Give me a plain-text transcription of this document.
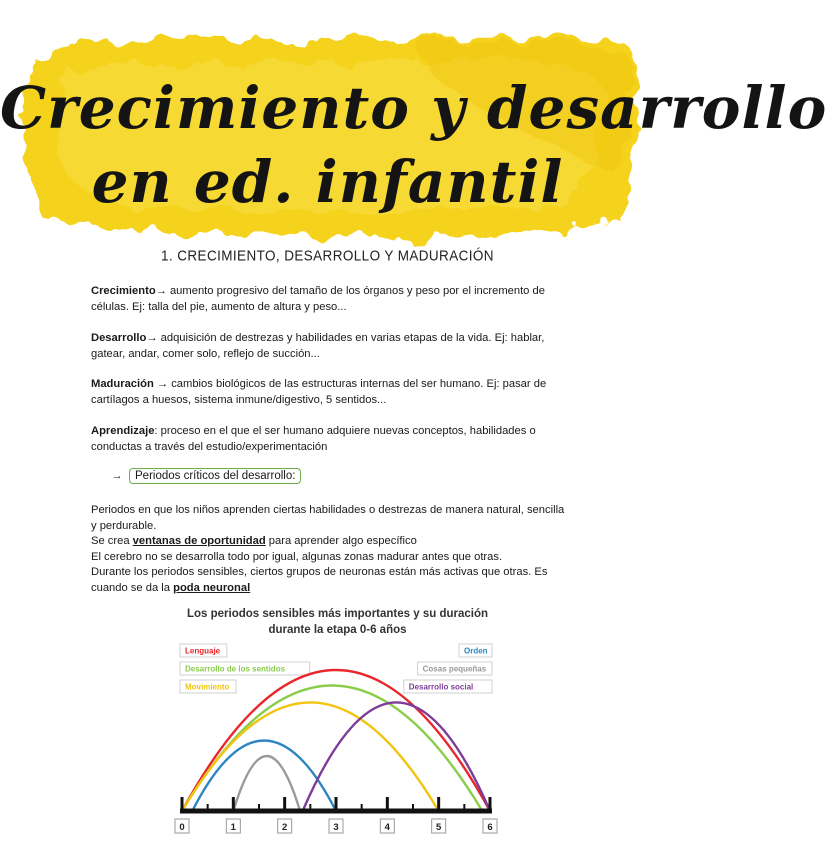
Crecimiento y desarrollo
en ed. infantil
1. CRECIMIENTO, DESARROLLO Y MADURACIÓN

Crecimiento→ aumento progresivo del tamaño de los órganos y peso por el incremento de células. Ej: talla del pie, aumento de altura y peso...

Desarrollo→ adquisición de destrezas y habilidades en varias etapas de la vida. Ej: hablar, gatear, andar, comer solo, reflejo de succión...

Maduración → cambios biológicos de las estructuras internas del ser humano. Ej: pasar de cartílagos a huesos, sistema inmune/digestivo, 5 sentidos...

Aprendizaje: proceso en el que el ser humano adquiere nuevas conceptos, habilidades o conductas a través del estudio/experimentación

→ Periodos críticos del desarrollo:

Periodos en que los niños aprenden ciertas habilidades o destrezas de manera natural, sencilla y perdurable.

Se crea ventanas de oportunidad para aprender algo específico

El cerebro no se desarrolla todo por igual, algunas zonas madurar antes que otras.

Durante los periodos sensibles, ciertos grupos de neuronas están más activas que otras. Es cuando se da la poda neuronal

Los periodos sensibles más importantes y su duración
durante la etapa 0-6 años
Lenguaje
Desarrollo de los sentidos
Movimiento
Orden
Cosas pequeñas
Desarrollo social
0	1	2	3	4	5	6
